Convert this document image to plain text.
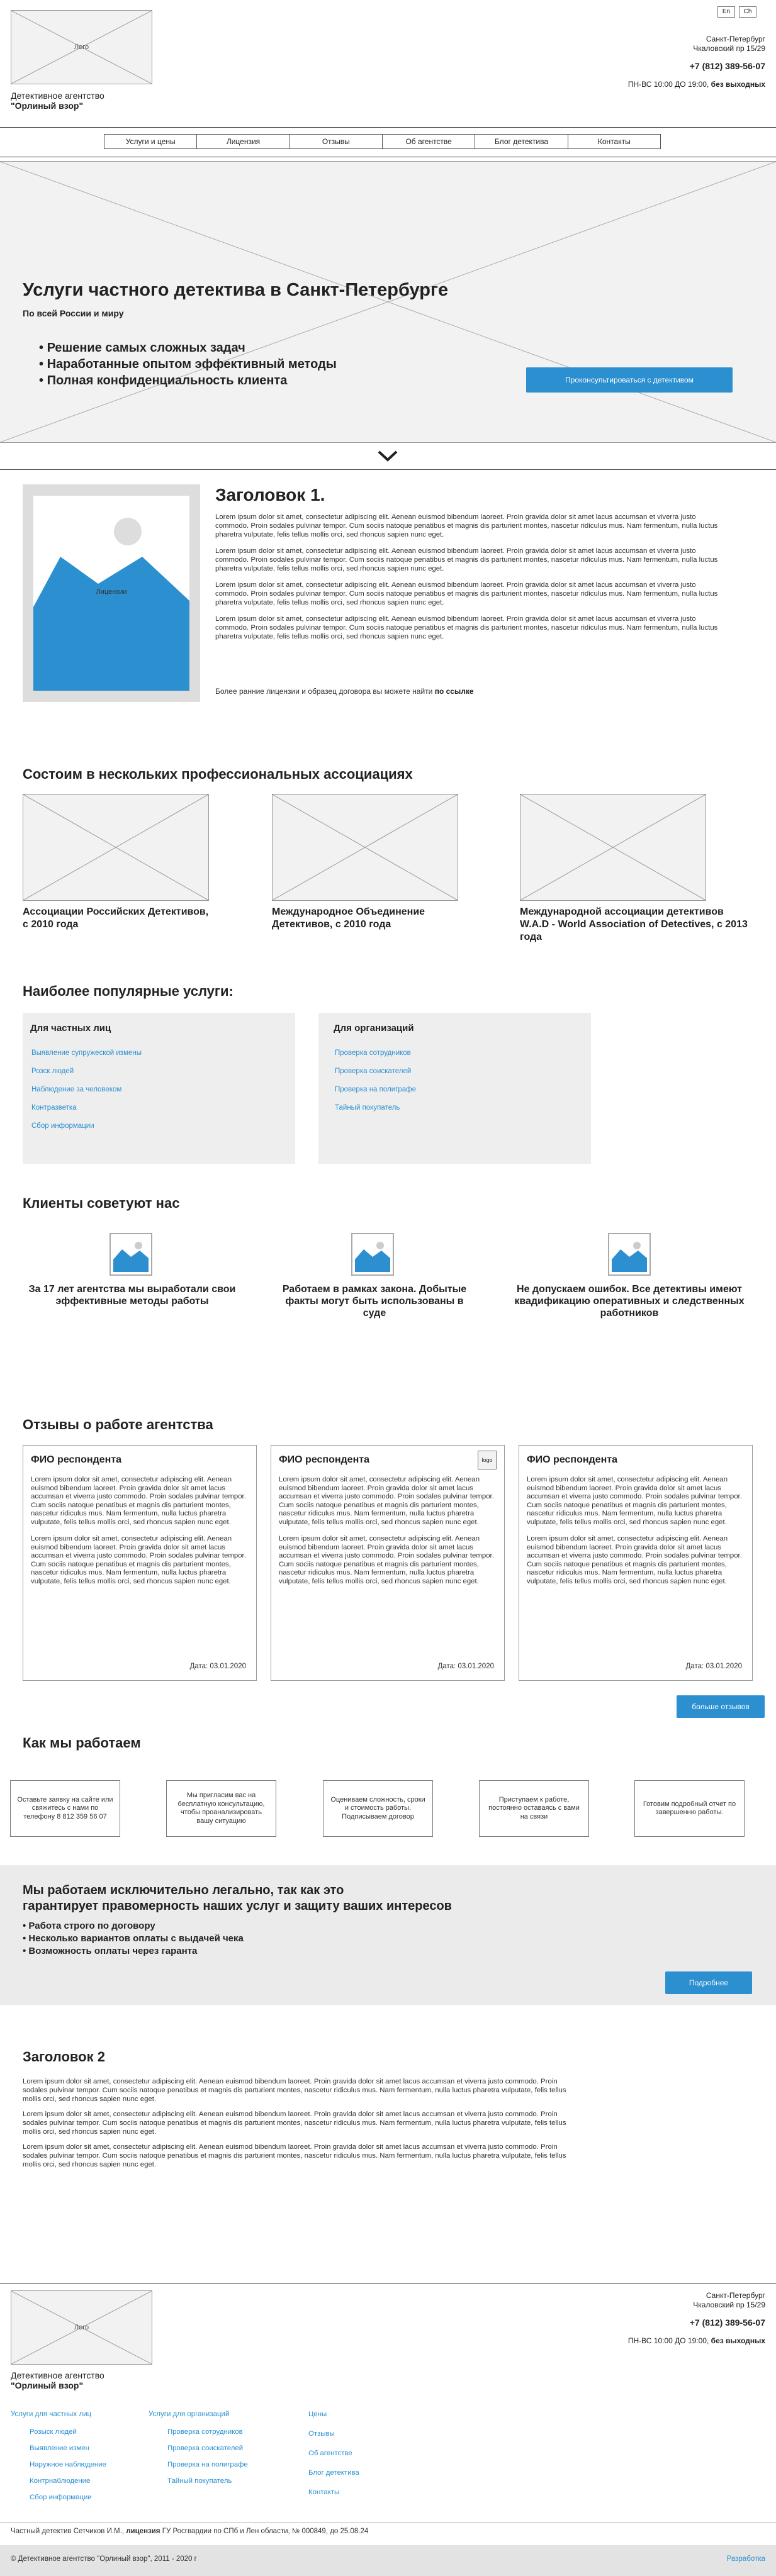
Лого
Детективное агентство
"Орлиный взор"
En	Ch
Санкт-Петербург
Чкаловский пр 15/29
+7 (812) 389-56-07
ПН-ВС 10:00 ДО 19:00, без выходных
Услуги и цены	Лицензия	Отзывы	Об агентстве	Блог детектива	Контакты
Услуги частного детектива в Санкт-Петербурге
По всей России и миру
• Решение самых сложных задач
• Наработанные опытом эффективный методы
• Полная конфиденциальность клиента	Проконсультироваться с детективом
Лицензии
Заголовок 1.

Lorem ipsum dolor sit amet, consectetur adipiscing elit. Aenean euismod bibendum laoreet. Proin gravida dolor sit amet lacus accumsan et viverra justo commodo. Proin sodales pulvinar tempor. Cum sociis natoque penatibus et magnis dis parturient montes, nascetur ridiculus mus. Nam fermentum, nulla luctus pharetra vulputate, felis tellus mollis orci, sed rhoncus sapien nunc eget.

Lorem ipsum dolor sit amet, consectetur adipiscing elit. Aenean euismod bibendum laoreet. Proin gravida dolor sit amet lacus accumsan et viverra justo commodo. Proin sodales pulvinar tempor. Cum sociis natoque penatibus et magnis dis parturient montes, nascetur ridiculus mus. Nam fermentum, nulla luctus pharetra vulputate, felis tellus mollis orci, sed rhoncus sapien nunc eget.

Lorem ipsum dolor sit amet, consectetur adipiscing elit. Aenean euismod bibendum laoreet. Proin gravida dolor sit amet lacus accumsan et viverra justo commodo. Proin sodales pulvinar tempor. Cum sociis natoque penatibus et magnis dis parturient montes, nascetur ridiculus mus. Nam fermentum, nulla luctus pharetra vulputate, felis tellus mollis orci, sed rhoncus sapien nunc eget.

Lorem ipsum dolor sit amet, consectetur adipiscing elit. Aenean euismod bibendum laoreet. Proin gravida dolor sit amet lacus accumsan et viverra justo commodo. Proin sodales pulvinar tempor. Cum sociis natoque penatibus et magnis dis parturient montes, nascetur ridiculus mus. Nam fermentum, nulla luctus pharetra vulputate, felis tellus mollis orci, sed rhoncus sapien nunc eget.

Более ранние лицензии и образец договора вы можете найти по ссылке
Состоим в нескольких профессиональных ассоциациях
Ассоциации Российских Детективов, с 2010 года
Международное Объединение Детективов, с 2010 года
Международной ассоциации детективов W.A.D - World Association of Detectives, с 2013 года
Наиболее популярные услуги:
Для частных лиц
Выявление супружеской измены
Розск людей
Наблюдение за человеком
Контразветка
Сбор информации
Для организаций
Проверка сотрудников
Проверка соискателей
Проверка на полиграфе
Тайный покупатель
Клиенты советуют нас
За 17 лет агентства мы выработали свои эффективные методы работы
Работаем в рамках закона. Добытые факты могут быть использованы в суде
Не допускаем ошибок. Все детективы имеют квадификацию оперативных и следственных работников
Отзывы о работе агентства
ФИО респондента

Lorem ipsum dolor sit amet, consectetur adipiscing elit. Aenean euismod bibendum laoreet. Proin gravida dolor sit amet lacus accumsan et viverra justo commodo. Proin sodales pulvinar tempor. Cum sociis natoque penatibus et magnis dis parturient montes, nascetur ridiculus mus. Nam fermentum, nulla luctus pharetra vulputate, felis tellus mollis orci, sed rhoncus sapien nunc eget.

Lorem ipsum dolor sit amet, consectetur adipiscing elit. Aenean euismod bibendum laoreet. Proin gravida dolor sit amet lacus accumsan et viverra justo commodo. Proin sodales pulvinar tempor. Cum sociis natoque penatibus et magnis dis parturient montes, nascetur ridiculus mus. Nam fermentum, nulla luctus pharetra vulputate, felis tellus mollis orci, sed rhoncus sapien nunc eget.

Дата: 03.01.2020
ФИО респондента	logo

Lorem ipsum dolor sit amet, consectetur adipiscing elit. Aenean euismod bibendum laoreet. Proin gravida dolor sit amet lacus accumsan et viverra justo commodo. Proin sodales pulvinar tempor. Cum sociis natoque penatibus et magnis dis parturient montes, nascetur ridiculus mus. Nam fermentum, nulla luctus pharetra vulputate, felis tellus mollis orci, sed rhoncus sapien nunc eget.

Lorem ipsum dolor sit amet, consectetur adipiscing elit. Aenean euismod bibendum laoreet. Proin gravida dolor sit amet lacus accumsan et viverra justo commodo. Proin sodales pulvinar tempor. Cum sociis natoque penatibus et magnis dis parturient montes, nascetur ridiculus mus. Nam fermentum, nulla luctus pharetra vulputate, felis tellus mollis orci, sed rhoncus sapien nunc eget.

Дата: 03.01.2020
ФИО респондента

Lorem ipsum dolor sit amet, consectetur adipiscing elit. Aenean euismod bibendum laoreet. Proin gravida dolor sit amet lacus accumsan et viverra justo commodo. Proin sodales pulvinar tempor. Cum sociis natoque penatibus et magnis dis parturient montes, nascetur ridiculus mus. Nam fermentum, nulla luctus pharetra vulputate, felis tellus mollis orci, sed rhoncus sapien nunc eget.

Lorem ipsum dolor sit amet, consectetur adipiscing elit. Aenean euismod bibendum laoreet. Proin gravida dolor sit amet lacus accumsan et viverra justo commodo. Proin sodales pulvinar tempor. Cum sociis natoque penatibus et magnis dis parturient montes, nascetur ridiculus mus. Nam fermentum, nulla luctus pharetra vulputate, felis tellus mollis orci, sed rhoncus sapien nunc eget.

Дата: 03.01.2020
больше отзывов
Как мы работаем
Оставьте заявку на сайте или свяжитесь с нами по телефону 8 812 359 56 07
Мы пригласим вас на бесплатную консультацию, чтобы проанализировать вашу ситуацию
Оцениваем сложность, сроки и стоимость работы. Подписываем договор
Приступаем к работе, постоянно оставаясь с вами на связи
Готовим подробный отчет по завершенню работы.
Мы работаем исключительно легально, так как это
гарантирует правомерность наших услуг и защиту ваших интересов
• Работа строго по договору
• Несколько вариантов оплаты с выдачей чека
• Возможность оплаты через гаранта
Подробнее
Заголовок 2

Lorem ipsum dolor sit amet, consectetur adipiscing elit. Aenean euismod bibendum laoreet. Proin gravida dolor sit amet lacus accumsan et viverra justo commodo. Proin sodales pulvinar tempor. Cum sociis natoque penatibus et magnis dis parturient montes, nascetur ridiculus mus. Nam fermentum, nulla luctus pharetra vulputate, felis tellus mollis orci, sed rhoncus sapien nunc eget.

Lorem ipsum dolor sit amet, consectetur adipiscing elit. Aenean euismod bibendum laoreet. Proin gravida dolor sit amet lacus accumsan et viverra justo commodo. Proin sodales pulvinar tempor. Cum sociis natoque penatibus et magnis dis parturient montes, nascetur ridiculus mus. Nam fermentum, nulla luctus pharetra vulputate, felis tellus mollis orci, sed rhoncus sapien nunc eget.

Lorem ipsum dolor sit amet, consectetur adipiscing elit. Aenean euismod bibendum laoreet. Proin gravida dolor sit amet lacus accumsan et viverra justo commodo. Proin sodales pulvinar tempor. Cum sociis natoque penatibus et magnis dis parturient montes, nascetur ridiculus mus. Nam fermentum, nulla luctus pharetra vulputate, felis tellus mollis orci, sed rhoncus sapien nunc eget.

Лого
Детективное агентство
"Орлиный взор"
Санкт-Петербург
Чкаловский пр 15/29
+7 (812) 389-56-07
ПН-ВС 10:00 ДО 19:00, без выходных
Услуги для частных лиц
Розыск людей
Выявление измен
Наружное наблюдение
Контрнаблюдение
Сбор информации
Услуги для организаций
Проверка сотрудников
Проверка соискателей
Проверка на полиграфе
Тайный покупатель
Цены
Отзывы
Об агентстве
Блог детектива
Контакты
Частный детектив Сетчиков И.М., лицензия ГУ Росгвардии по СПб и Лен области, № 000849, до 25.08.24
© Детективное агентство "Орлиный взор", 2011 - 2020 г	Разработка
